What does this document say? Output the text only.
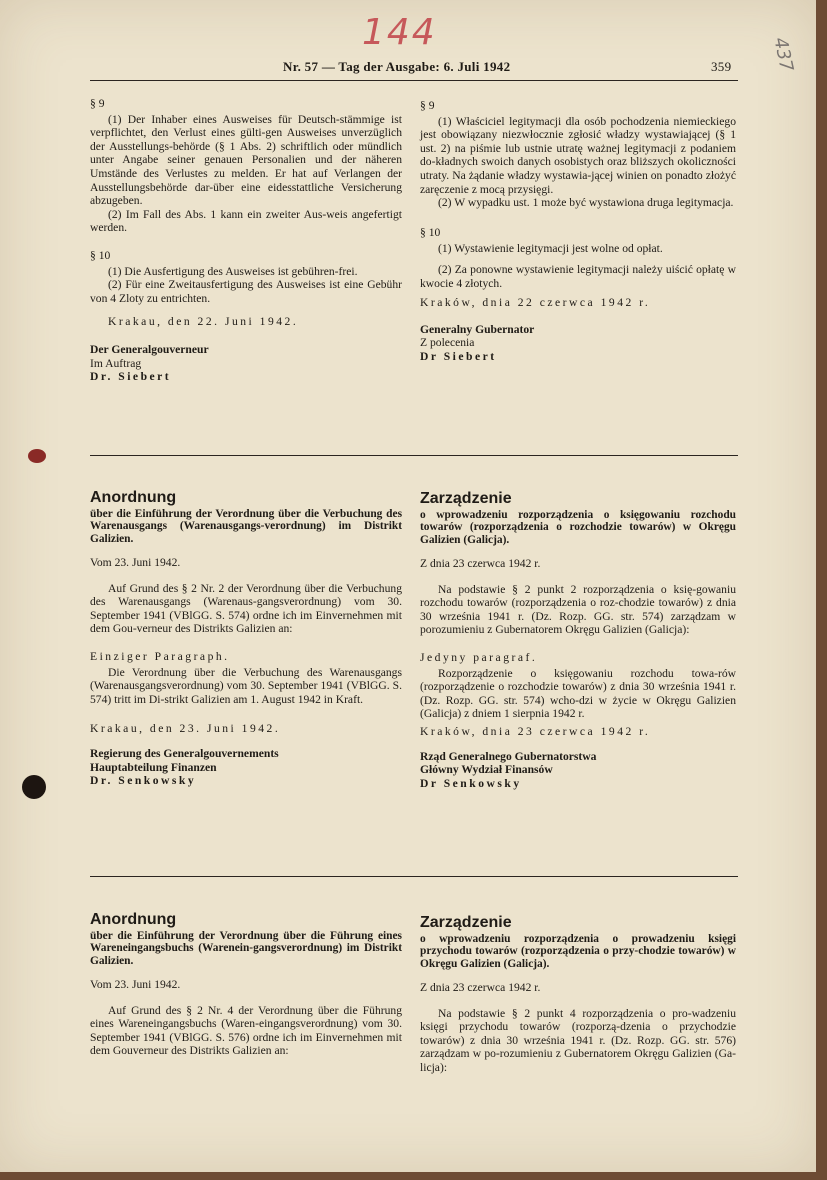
144
437
Nr. 57 — Tag der Ausgabe: 6. Juli 1942	359

§ 9

(1) Der Inhaber eines Ausweises für Deutsch-stämmige ist verpflichtet, den Verlust eines gülti-gen Ausweises unverzüglich der Ausstellungs-behörde (§ 1 Abs. 2) schriftlich oder mündlich unter Angabe seiner genauen Personalien und der näheren Umstände des Verlustes zu melden. Er hat auf Verlangen der Ausstellungsbehörde dar-über eine eidesstattliche Versicherung abzugeben.

(2) Im Fall des Abs. 1 kann ein zweiter Aus-weis angefertigt werden.

§ 10

(1) Die Ausfertigung des Ausweises ist gebühren-frei.

(2) Für eine Zweitausfertigung des Ausweises ist eine Gebühr von 4 Zloty zu entrichten.

Krakau, den 22. Juni 1942.

Der Generalgouverneur

Im Auftrag

Dr. Siebert

§ 9

(1) Właściciel legitymacji dla osób pochodzenia niemieckiego jest obowiązany niezwłocznie zgłosić władzy wystawiającej (§ 1 ust. 2) na piśmie lub ustnie utratę ważnej legitymacji z podaniem do-kładnych swoich danych osobistych oraz bliższych okoliczności utraty. Na żądanie władzy wystawia-jącej winien on ponadto złożyć zaręczenie z mocą przysięgi.

(2) W wypadku ust. 1 może być wystawiona druga legitymacja.

§ 10

(1) Wystawienie legitymacji jest wolne od opłat.

(2) Za ponowne wystawienie legitymacji należy uiścić opłatę w kwocie 4 złotych.

Kraków, dnia 22 czerwca 1942 r.

Generalny Gubernator

Z polecenia

Dr Siebert

Anordnung

über die Einführung der Verordnung über die Verbuchung des Warenausgangs (Warenausgangs-verordnung) im Distrikt Galizien.

Vom 23. Juni 1942.

Auf Grund des § 2 Nr. 2 der Verordnung über die Verbuchung des Warenausgangs (Warenaus-gangsverordnung) vom 30. September 1941 (VBlGG. S. 574) ordne ich im Einvernehmen mit dem Gou-verneur des Distrikts Galizien an:

Einziger Paragraph.

Die Verordnung über die Verbuchung des Warenausgangs (Warenausgangsverordnung) vom 30. September 1941 (VBlGG. S. 574) tritt im Di-strikt Galizien am 1. August 1942 in Kraft.

Krakau, den 23. Juni 1942.

Regierung des Generalgouvernements

Hauptabteilung Finanzen

Dr. Senkowsky

Zarządzenie

o wprowadzeniu rozporządzenia o księgowaniu rozchodu towarów (rozporządzenia o rozchodzie towarów) w Okręgu Galizien (Galicja).

Z dnia 23 czerwca 1942 r.

Na podstawie § 2 punkt 2 rozporządzenia o księ-gowaniu rozchodu towarów (rozporządzenia o roz-chodzie towarów) z dnia 30 września 1941 r. (Dz. Rozp. GG. str. 574) zarządzam w porozumieniu z Gubernatorem Okręgu Galizien (Galicja):

Jedyny paragraf.

Rozporządzenie o księgowaniu rozchodu towa-rów (rozporządzenie o rozchodzie towarów) z dnia 30 września 1941 r. (Dz. Rozp. GG. str. 574) wcho-dzi w życie w Okręgu Galizien (Galicja) z dniem 1 sierpnia 1942 r.

Kraków, dnia 23 czerwca 1942 r.

Rząd Generalnego Gubernatorstwa

Główny Wydział Finansów

Dr Senkowsky

Anordnung

über die Einführung der Verordnung über die Führung eines Wareneingangsbuchs (Warenein-gangsverordnung) im Distrikt Galizien.

Vom 23. Juni 1942.

Auf Grund des § 2 Nr. 4 der Verordnung über die Führung eines Wareneingangsbuchs (Waren-eingangsverordnung) vom 30. September 1941 (VBlGG. S. 576) ordne ich im Einvernehmen mit dem Gouverneur des Distrikts Galizien an:

Zarządzenie

o wprowadzeniu rozporządzenia o prowadzeniu księgi przychodu towarów (rozporządzenia o przy-chodzie towarów) w Okręgu Galizien (Galicja).

Z dnia 23 czerwca 1942 r.

Na podstawie § 2 punkt 4 rozporządzenia o pro-wadzeniu księgi przychodu towarów (rozporzą-dzenia o przychodzie towarów) z dnia 30 września 1941 r. (Dz. Rozp. GG. str. 576) zarządzam w po-rozumieniu z Gubernatorem Okręgu Galizien (Ga-licja):
